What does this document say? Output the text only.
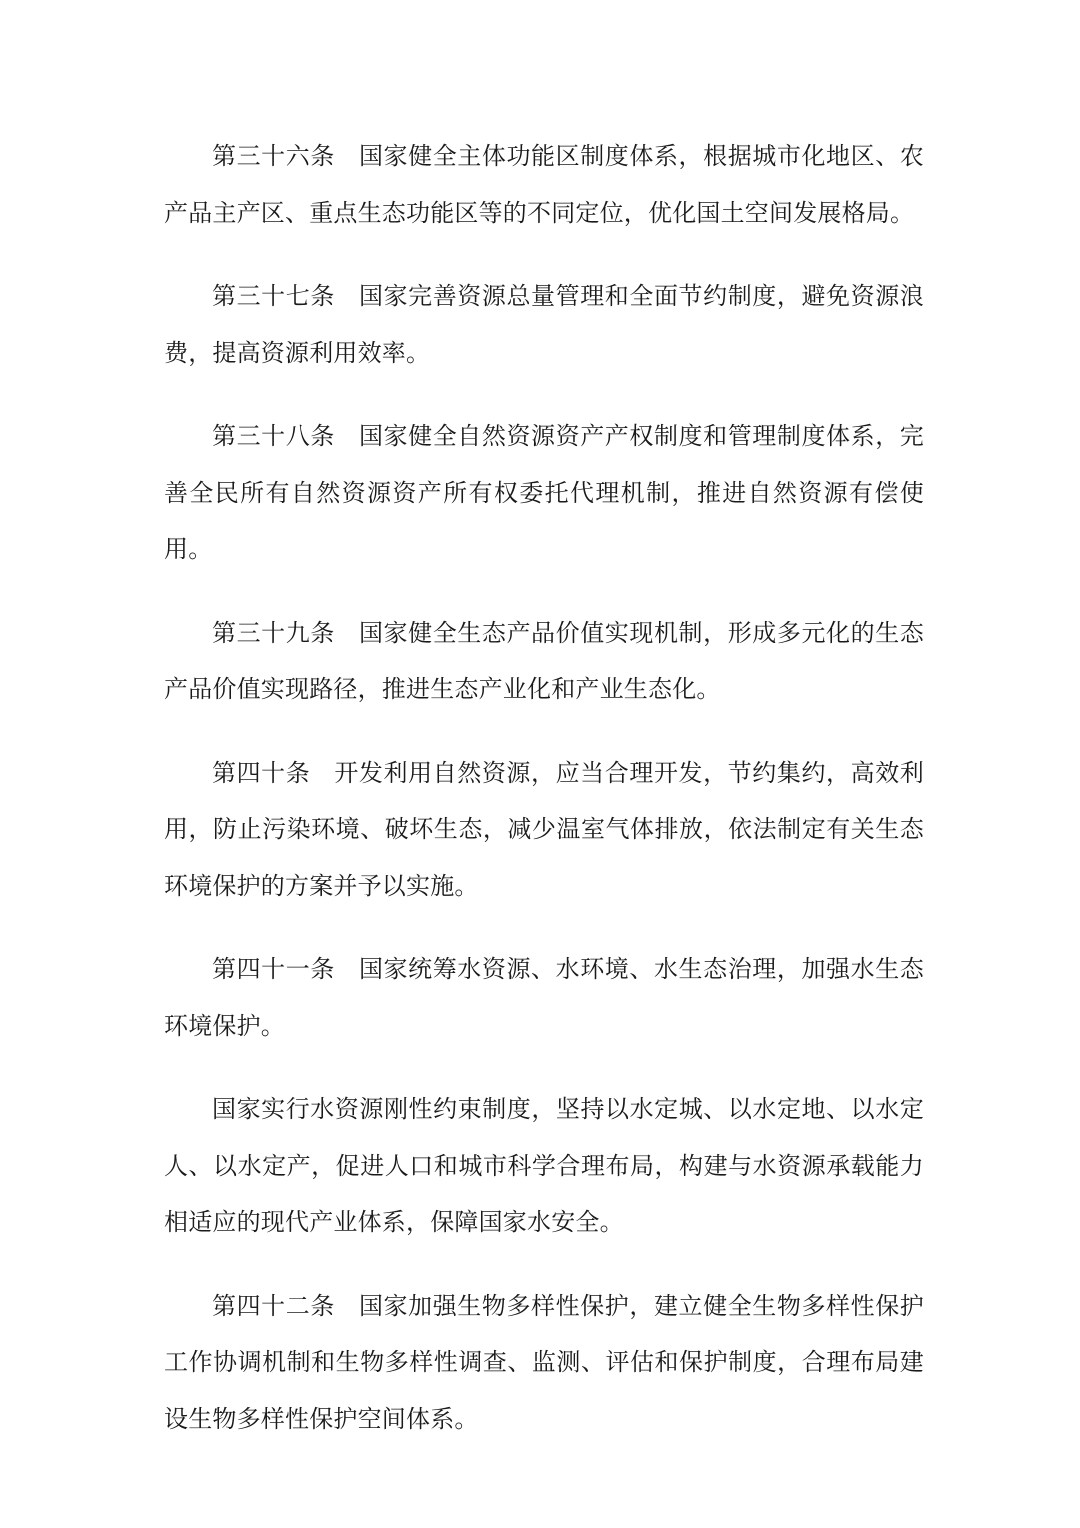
第三十六条 国家健全主体功能区制度体系，根据城市化地区、农产品主产区、重点生态功能区等的不同定位，优化国土空间发展格局。

第三十七条 国家完善资源总量管理和全面节约制度，避免资源浪费，提高资源利用效率。

第三十八条 国家健全自然资源资产产权制度和管理制度体系，完善全民所有自然资源资产所有权委托代理机制，推进自然资源有偿使用。

第三十九条 国家健全生态产品价值实现机制，形成多元化的生态产品价值实现路径，推进生态产业化和产业生态化。

第四十条 开发利用自然资源，应当合理开发，节约集约，高效利用，防止污染环境、破坏生态，减少温室气体排放，依法制定有关生态环境保护的方案并予以实施。

第四十一条 国家统筹水资源、水环境、水生态治理，加强水生态环境保护。

国家实行水资源刚性约束制度，坚持以水定城、以水定地、以水定人、以水定产，促进人口和城市科学合理布局，构建与水资源承载能力相适应的现代产业体系，保障国家水安全。

第四十二条 国家加强生物多样性保护，建立健全生物多样性保护工作协调机制和生物多样性调查、监测、评估和保护制度，合理布局建设生物多样性保护空间体系。
